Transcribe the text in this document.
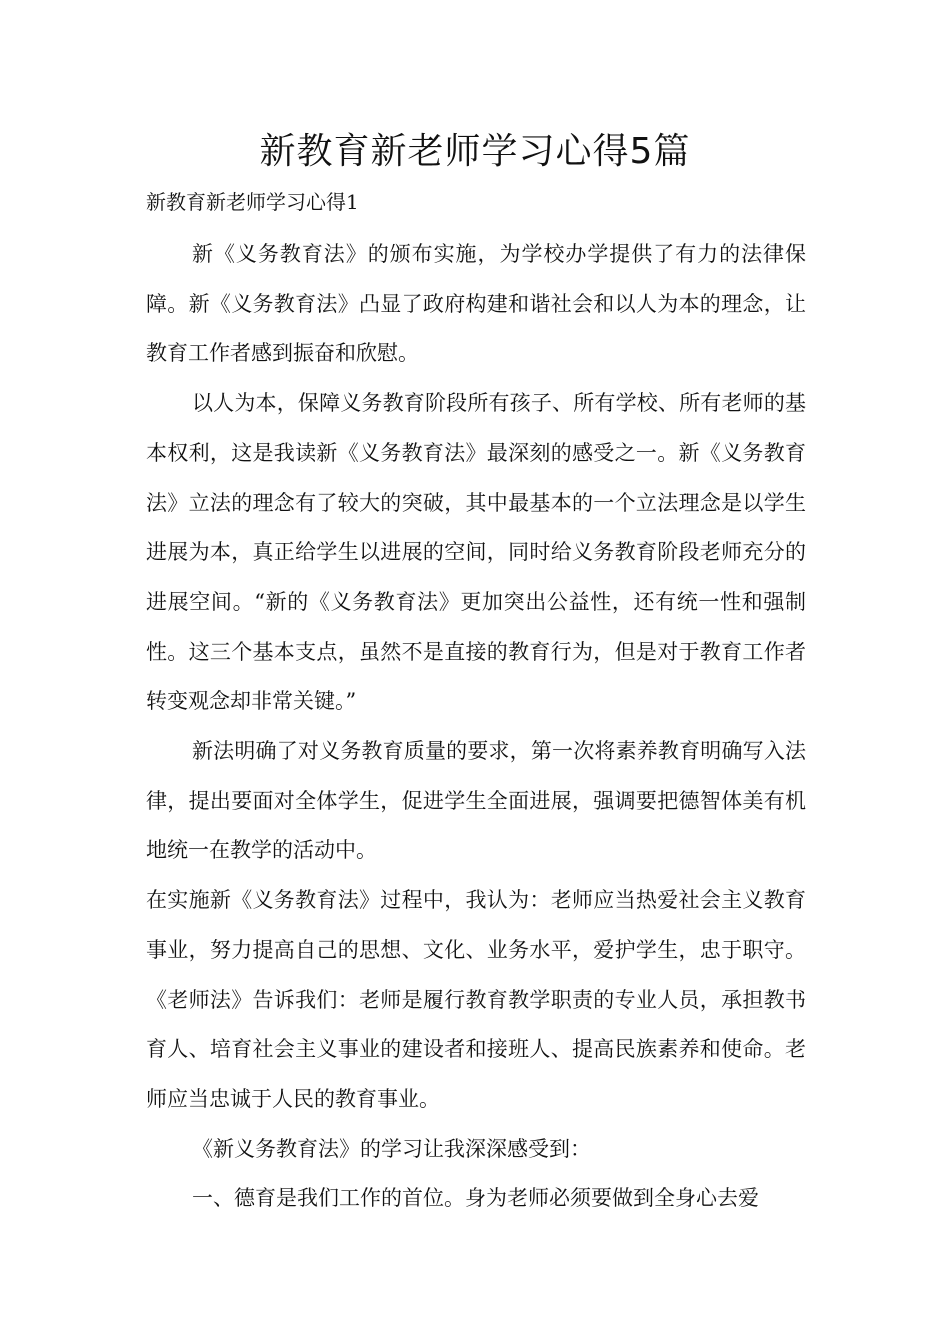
新教育新老师学习心得5篇
新教育新老师学习心得1

新《义务教育法》的颁布实施，为学校办学提供了有力的法律保障。新《义务教育法》凸显了政府构建和谐社会和以人为本的理念，让教育工作者感到振奋和欣慰。

以人为本，保障义务教育阶段所有孩子、所有学校、所有老师的基本权利，这是我读新《义务教育法》最深刻的感受之一。新《义务教育法》立法的理念有了较大的突破，其中最基本的一个立法理念是以学生进展为本，真正给学生以进展的空间，同时给义务教育阶段老师充分的进展空间。“新的《义务教育法》更加突出公益性，还有统一性和强制性。这三个基本支点，虽然不是直接的教育行为，但是对于教育工作者转变观念却非常关键。”

新法明确了对义务教育质量的要求，第一次将素养教育明确写入法律，提出要面对全体学生，促进学生全面进展，强调要把德智体美有机地统一在教学的活动中。

在实施新《义务教育法》过程中，我认为：老师应当热爱社会主义教育事业，努力提高自己的思想、文化、业务水平，爱护学生，忠于职守。《老师法》告诉我们：老师是履行教育教学职责的专业人员，承担教书育人、培育社会主义事业的建设者和接班人、提高民族素养和使命。老师应当忠诚于人民的教育事业。

《新义务教育法》的学习让我深深感受到：

一、德育是我们工作的首位。身为老师必须要做到全身心去爱
